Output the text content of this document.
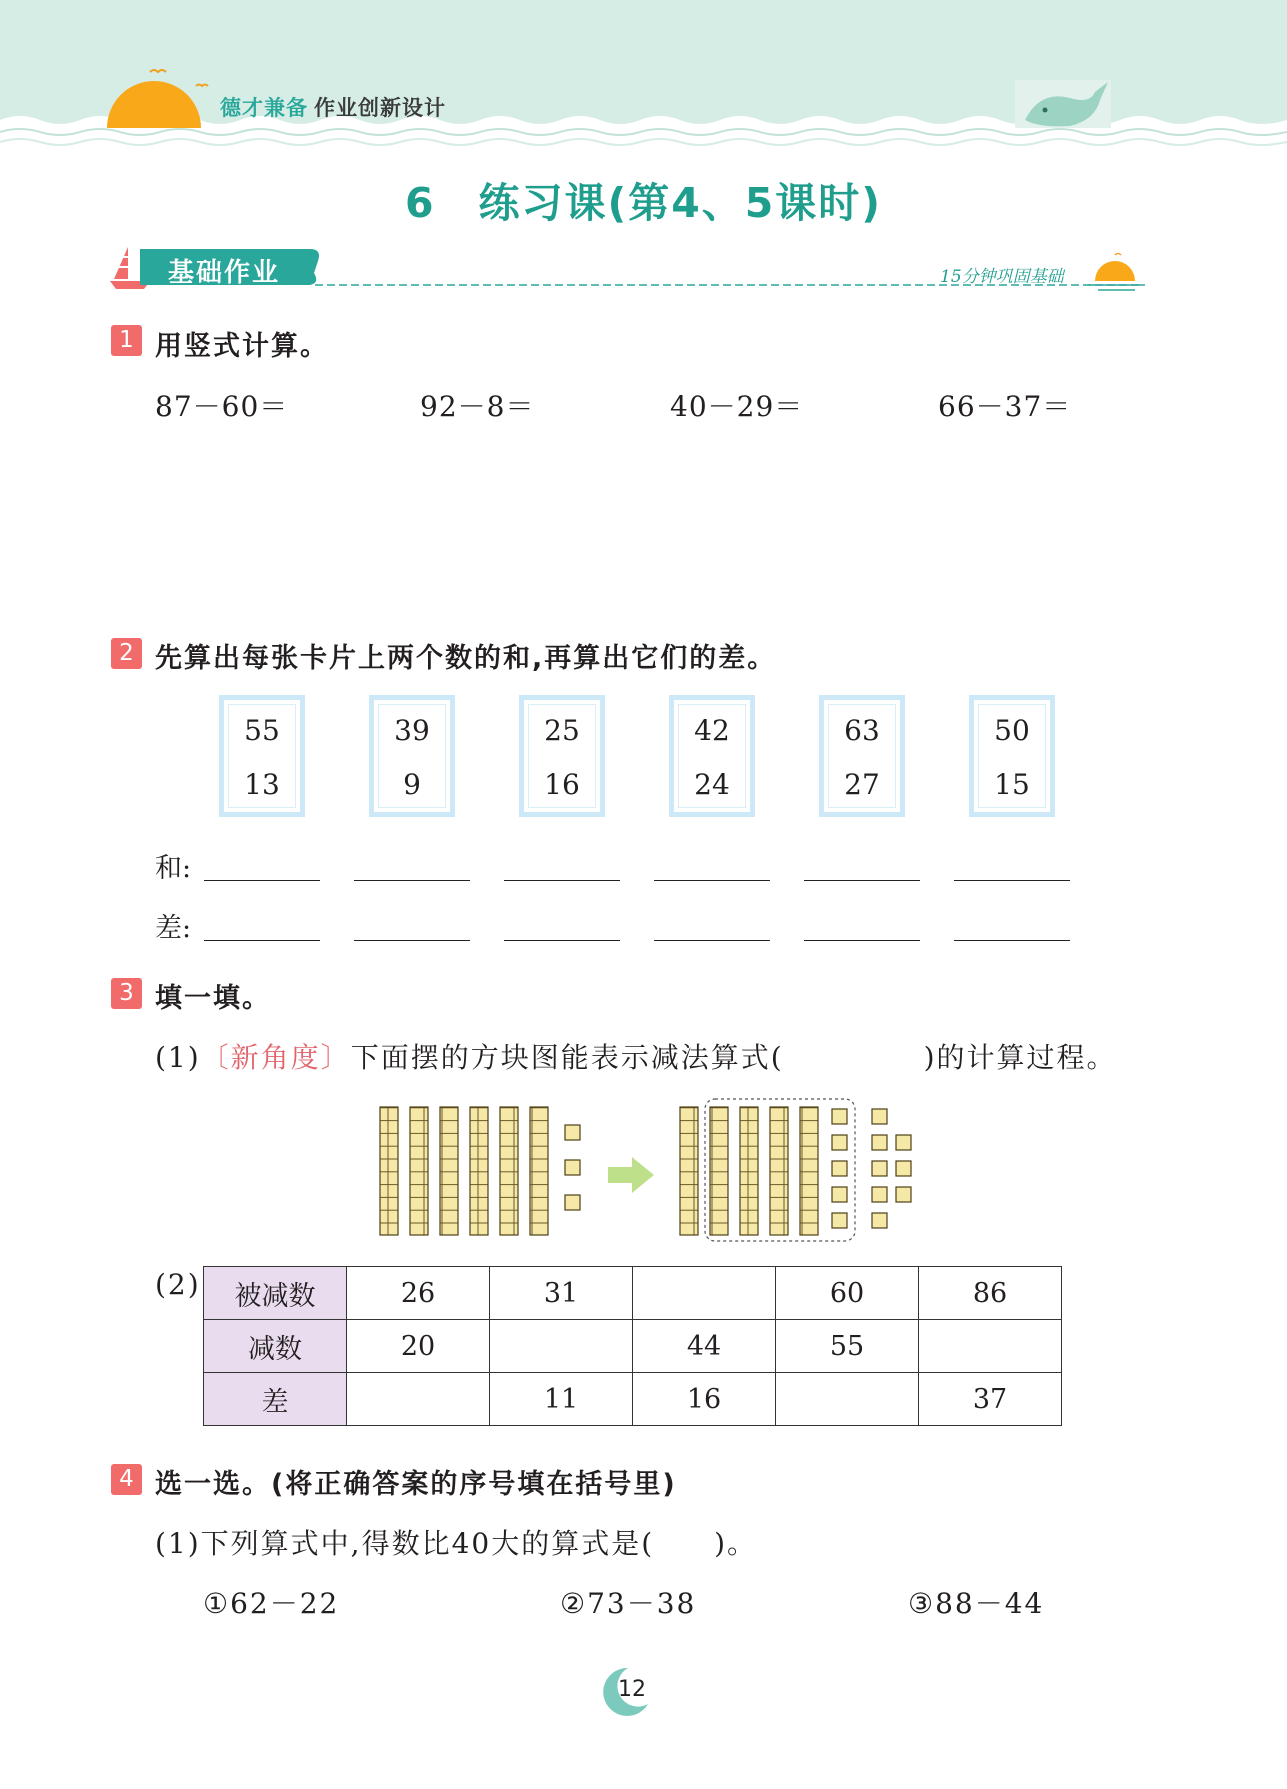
德才兼备 作业创新设计
6　练习课(第4、5课时)
基础作业	15分钟巩固基础
1 用竖式计算。
87－60＝	92－8＝	40－29＝	66－37＝
2 先算出每张卡片上两个数的和,再算出它们的差。
55
13
39
9
25
16
42
24
63
27
50
15
和:
差:
3 填一填。
(1)〔新角度〕下面摆的方块图能表示减法算式(	)的计算过程。
(2) 被减数	26	31		60	86
减数	20		44	55	
差		11	16		37
4 选一选。(将正确答案的序号填在括号里)
(1)下列算式中,得数比40大的算式是(　　)。
①62－22	②73－38	③88－44
12
